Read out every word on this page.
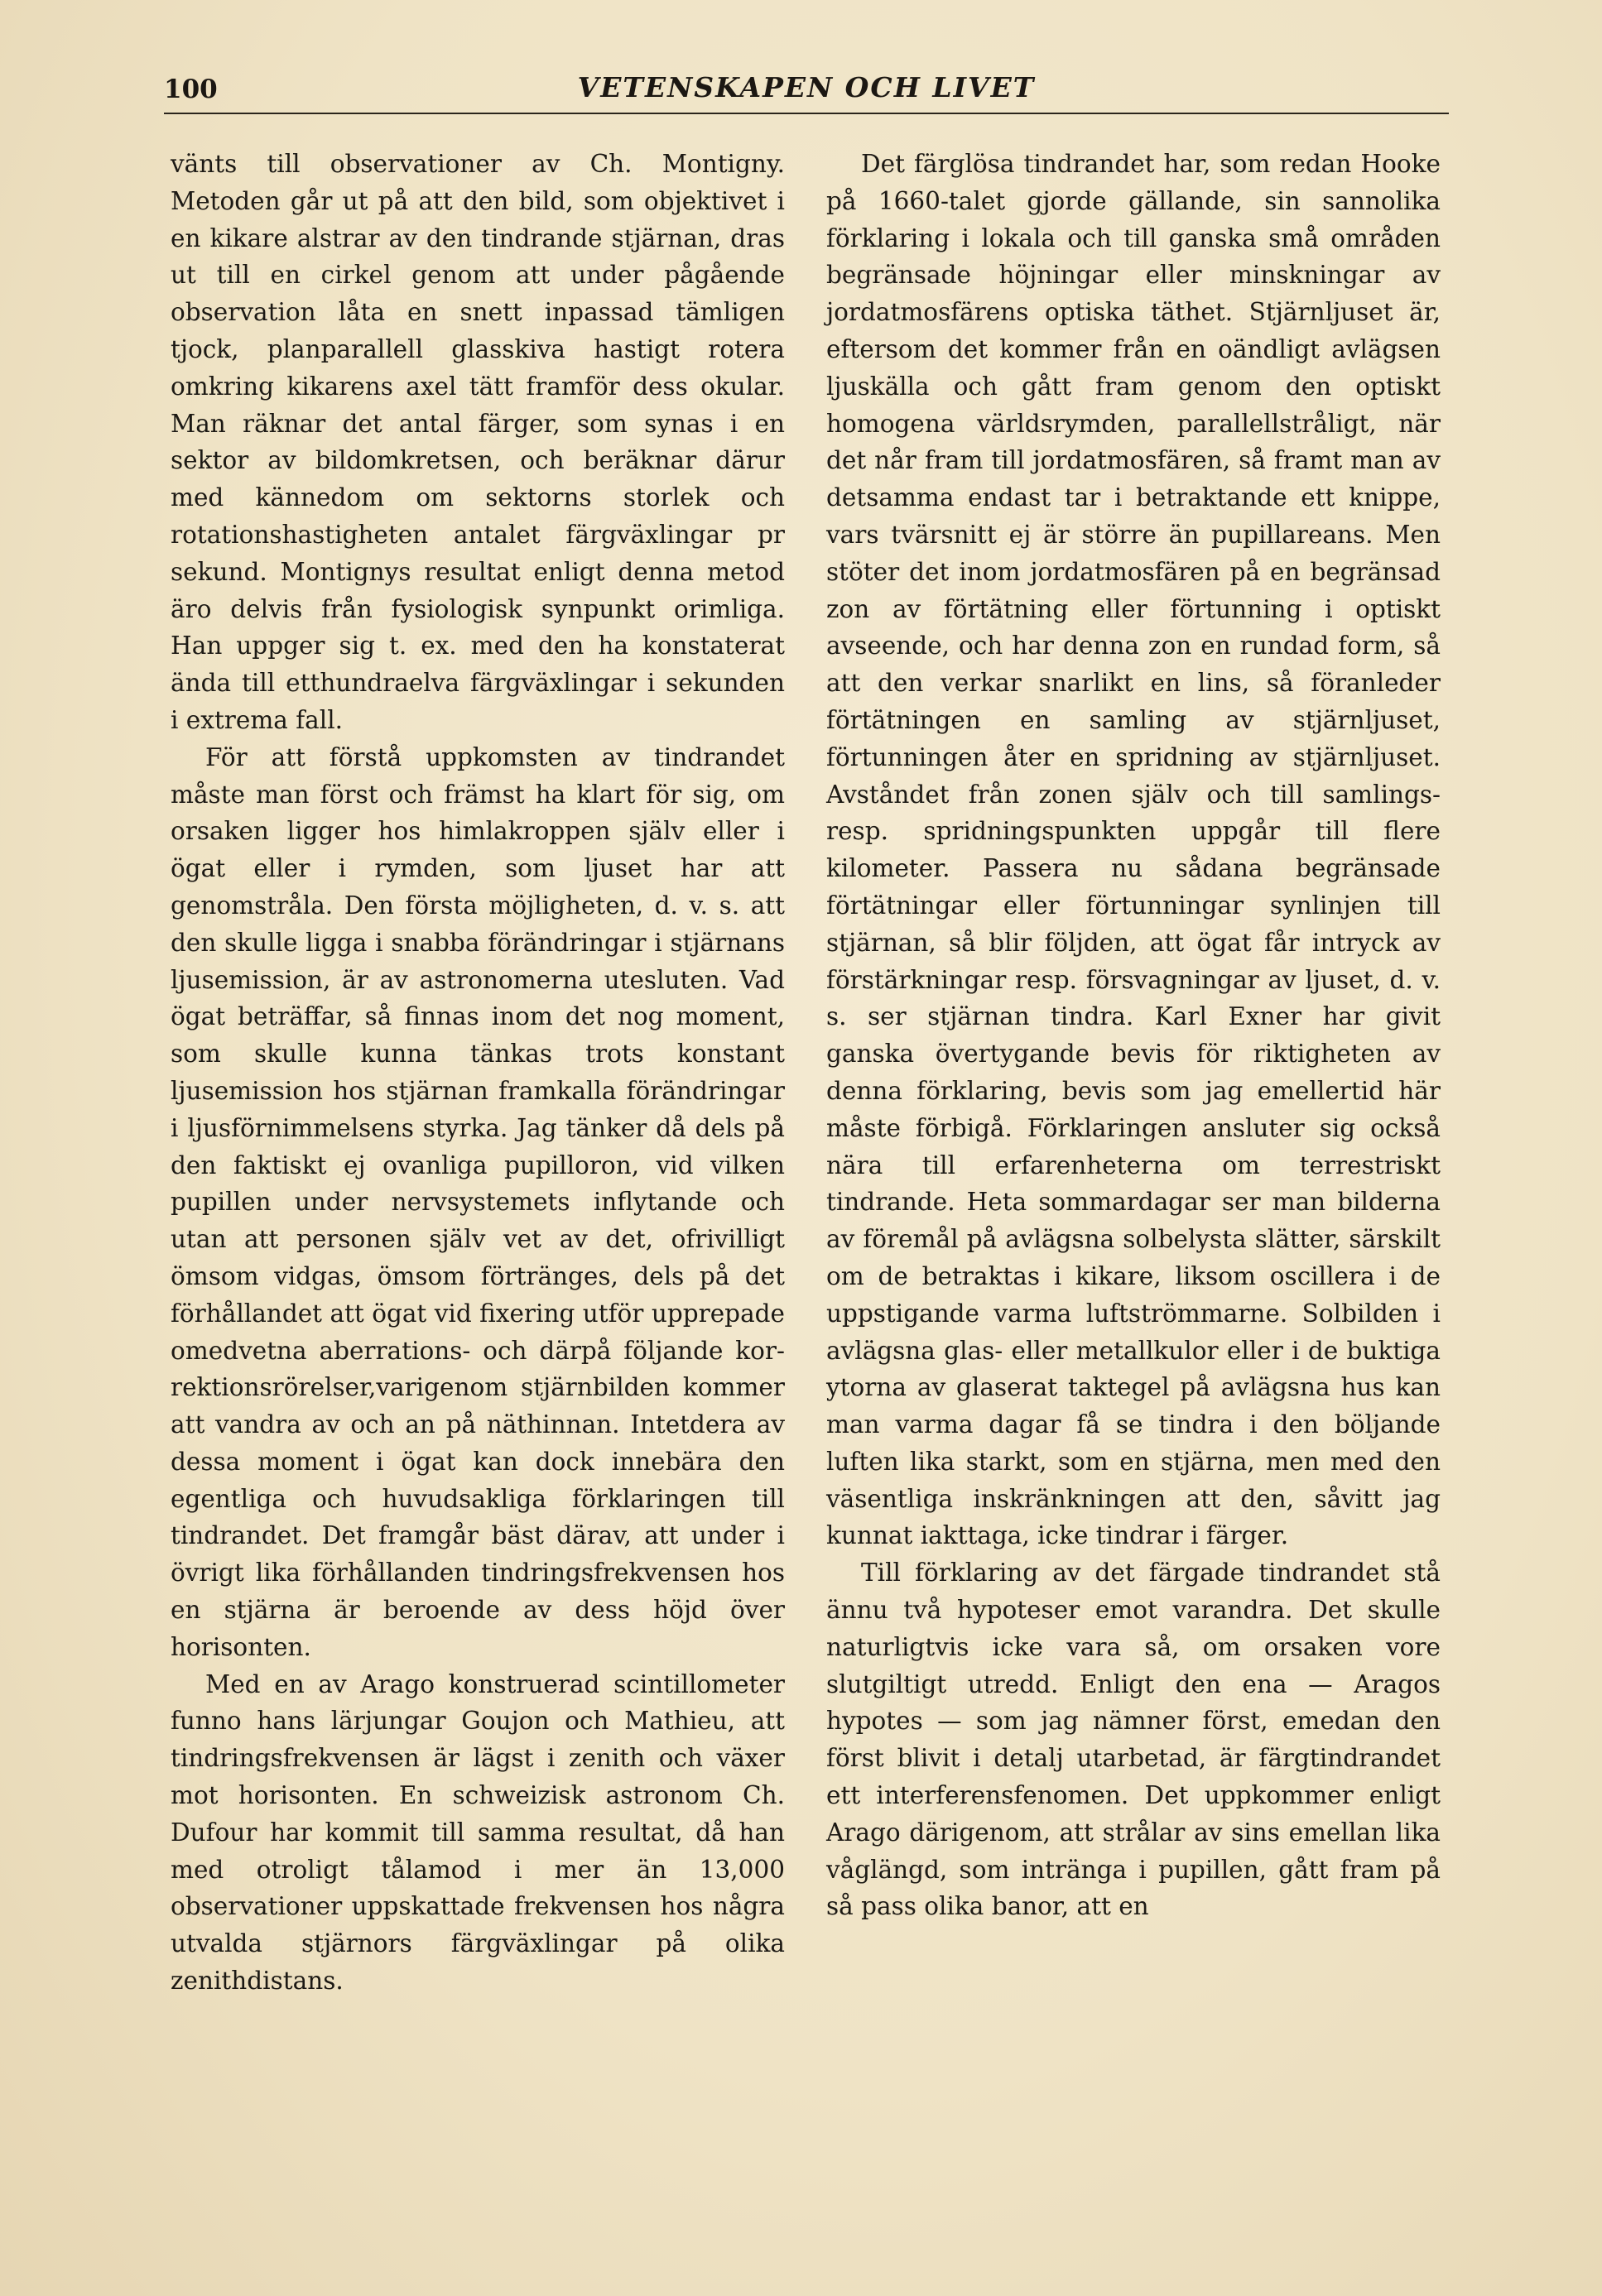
100	VETENSKAPEN OCH LIVET

vänts till observationer av Ch. Montigny. Metoden går ut på att den bild, som objektivet i en kikare alstrar av den tindrande stjärnan, dras ut till en cirkel genom att under pågående observation låta en snett inpassad tämligen tjock, planparallell glasskiva hastigt rotera omkring kikarens axel tätt framför dess okular. Man räknar det antal färger, som synas i en sektor av bildomkretsen, och beräknar därur med kännedom om sektorns storlek och rotationshastigheten antalet färgväxlingar pr sekund. Montignys resultat enligt denna metod äro delvis från fysiologisk synpunkt orimliga. Han uppger sig t. ex. med den ha konstaterat ända till etthundraelva färgväxlingar i sekunden i extrema fall.

För att förstå uppkomsten av tindrandet måste man först och främst ha klart för sig, om orsaken ligger hos himlakroppen själv eller i ögat eller i rymden, som ljuset har att genomstråla. Den första möjligheten, d. v. s. att den skulle ligga i snabba förändringar i stjärnans ljusemission, är av astronomerna utesluten. Vad ögat beträffar, så finnas inom det nog moment, som skulle kunna tänkas trots konstant ljusemission hos stjärnan framkalla förändringar i ljusförnimmelsens styrka. Jag tänker då dels på den faktiskt ej ovanliga pupilloron, vid vilken pupillen under nervsystemets inflytande och utan att personen själv vet av det, ofrivilligt ömsom vidgas, ömsom förtränges, dels på det förhållandet att ögat vid fixering utför upprepade omedvetna aberrations- och därpå följande korrektionsrörelser,varigenom stjärnbilden kommer att vandra av och an på näthinnan. Intetdera av dessa moment i ögat kan dock innebära den egentliga och huvudsakliga förklaringen till tindrandet. Det framgår bäst därav, att under i övrigt lika förhållanden tindringsfrekvensen hos en stjärna är beroende av dess höjd över horisonten.

Med en av Arago konstruerad scintillometer funno hans lärjungar Goujon och Mathieu, att tindringsfrekvensen är lägst i zenith och växer mot horisonten. En schweizisk astronom Ch. Dufour har kommit till samma resultat, då han med otroligt tålamod i mer än 13,000 observationer uppskattade frekvensen hos några utvalda stjärnors färgväxlingar på olika zenithdistans.

Det färglösa tindrandet har, som redan Hooke på 1660-talet gjorde gällande, sin sannolika förklaring i lokala och till ganska små områden begränsade höjningar eller minskningar av jordatmosfärens optiska täthet. Stjärnljuset är, eftersom det kommer från en oändligt avlägsen ljuskälla och gått fram genom den optiskt homogena världsrymden, parallellstråligt, när det når fram till jordatmosfären, så framt man av detsamma endast tar i betraktande ett knippe, vars tvärsnitt ej är större än pupillareans. Men stöter det inom jordatmosfären på en begränsad zon av förtätning eller förtunning i optiskt avseende, och har denna zon en rundad form, så att den verkar snarlikt en lins, så föranleder förtätningen en samling av stjärnljuset, förtunningen åter en spridning av stjärnljuset. Avståndet från zonen själv och till samlings- resp. spridningspunkten uppgår till flere kilometer. Passera nu sådana begränsade förtätningar eller förtunningar synlinjen till stjärnan, så blir följden, att ögat får intryck av förstärkningar resp. försvagningar av ljuset, d. v. s. ser stjärnan tindra. Karl Exner har givit ganska övertygande bevis för riktigheten av denna förklaring, bevis som jag emellertid här måste förbigå. Förklaringen ansluter sig också nära till erfarenheterna om terrestriskt tindrande. Heta sommardagar ser man bilderna av föremål på avlägsna solbelysta slätter, särskilt om de betraktas i kikare, liksom oscillera i de uppstigande varma luftströmmarne. Solbilden i avlägsna glas- eller metallkulor eller i de buktiga ytorna av glaserat taktegel på avlägsna hus kan man varma dagar få se tindra i den böljande luften lika starkt, som en stjärna, men med den väsentliga inskränkningen att den, såvitt jag kunnat iakttaga, icke tindrar i färger.

Till förklaring av det färgade tindrandet stå ännu två hypoteser emot varandra. Det skulle naturligtvis icke vara så, om orsaken vore slutgiltigt utredd. Enligt den ena — Aragos hypotes — som jag nämner först, emedan den först blivit i detalj utarbetad, är färgtindrandet ett interferensfenomen. Det uppkommer enligt Arago därigenom, att strålar av sins emellan lika våglängd, som intränga i pupillen, gått fram på så pass olika banor, att en
